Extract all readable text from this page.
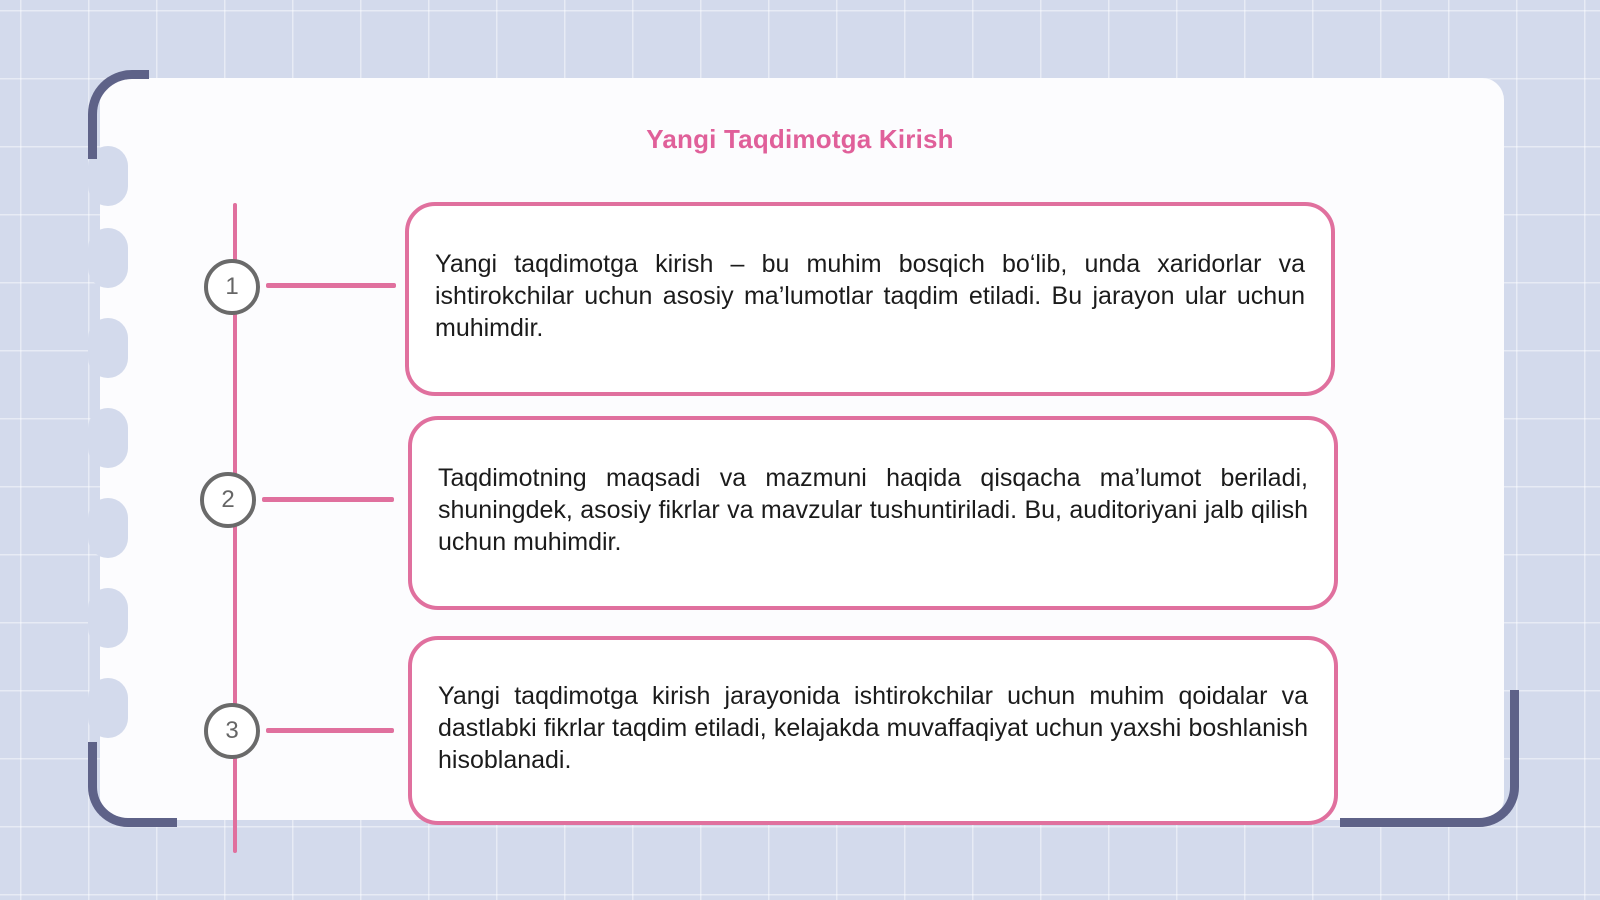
Yangi Taqdimotga Kirish
1
Yangi taqdimotga kirish – bu muhim bosqich bo‘lib, unda xaridorlar va ishtirokchilar uchun asosiy ma’lumotlar taqdim etiladi. Bu jarayon ular uchun muhimdir.
2
Taqdimotning maqsadi va mazmuni haqida qisqacha ma’lumot beriladi, shuningdek, asosiy fikrlar va mavzular tushuntiriladi. Bu, auditoriyani jalb qilish uchun muhimdir.
3
Yangi taqdimotga kirish jarayonida ishtirokchilar uchun muhim qoidalar va dastlabki fikrlar taqdim etiladi, kelajakda muvaffaqiyat uchun yaxshi boshlanish hisoblanadi.
